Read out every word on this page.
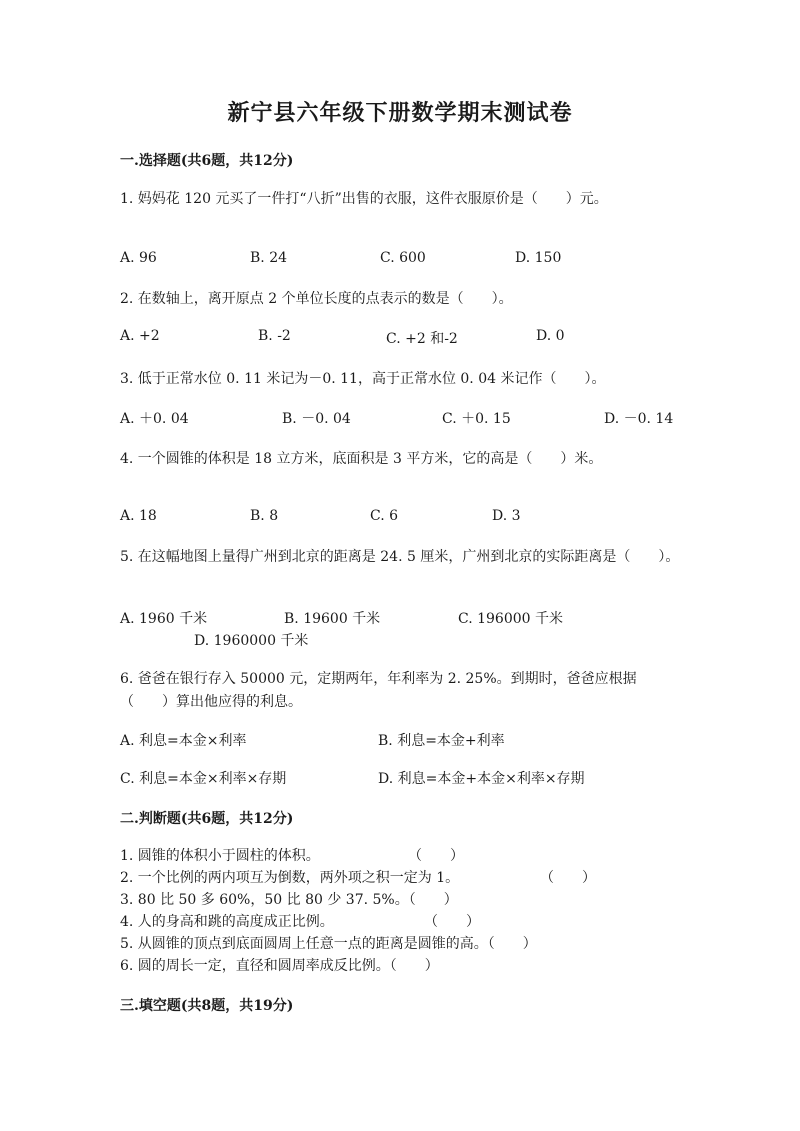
新宁县六年级下册数学期末测试卷
一.选择题(共6题，共12分)
1. 妈妈花 120 元买了一件打“八折”出售的衣服，这件衣服原价是（　　）元。
A. 96	B. 24	C. 600	D. 150
2. 在数轴上，离开原点 2 个单位长度的点表示的数是（　　）。
A. +2	B. -2	C. +2 和-2	D. 0
3. 低于正常水位 0. 11 米记为－0. 11，高于正常水位 0. 04 米记作（　　）。
A. ＋0. 04	B. －0. 04	C. ＋0. 15	D. －0. 14
4. 一个圆锥的体积是 18 立方米，底面积是 3 平方米，它的高是（　　）米。
A. 18	B. 8	C. 6	D. 3
5. 在这幅地图上量得广州到北京的距离是 24. 5 厘米，广州到北京的实际距离是（　　）。
A. 1960 千米	B. 19600 千米	C. 196000 千米
D. 1960000 千米
6. 爸爸在银行存入 50000 元，定期两年，年利率为 2. 25%。到期时，爸爸应根据（　　）算出他应得的利息。
A. 利息=本金×利率	B. 利息=本金+利率
C. 利息=本金×利率×存期	D. 利息=本金+本金×利率×存期
二.判断题(共6题，共12分)
1. 圆锥的体积小于圆柱的体积。	（　　）
2. 一个比例的两内项互为倒数，两外项之积一定为 1。	（　　）
3. 80 比 50 多 60%，50 比 80 少 37. 5%。（　　）
4. 人的身高和跳的高度成正比例。	（　　）
5. 从圆锥的顶点到底面圆周上任意一点的距离是圆锥的高。（　　）
6. 圆的周长一定，直径和圆周率成反比例。（　　）
三.填空题(共8题，共19分)
